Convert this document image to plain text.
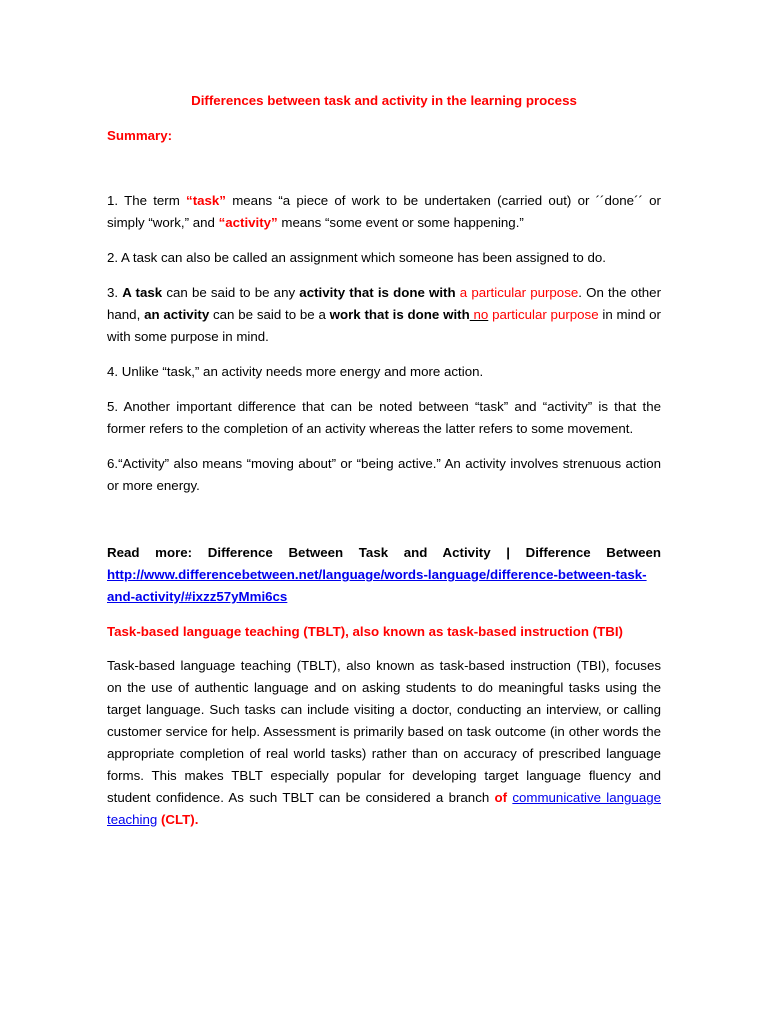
Differences between task and activity in the learning process
Summary:

1. The term “task” means “a piece of work to be undertaken (carried out) or ´´done´´ or simply “work,” and “activity” means “some event or some happening.”

2. A task can also be called an assignment which someone has been assigned to do.

3. A task can be said to be any activity that is done with a particular purpose. On the other hand, an activity can be said to be a work that is done with no particular purpose in mind or with some purpose in mind.

4. Unlike “task,” an activity needs more energy and more action.

5. Another important difference that can be noted between “task” and “activity” is that the former refers to the completion of an activity whereas the latter refers to some movement.

6.“Activity” also means “moving about” or “being active.” An activity involves strenuous action or more energy.

Read more: Difference Between Task and Activity | Difference Between http://www.differencebetween.net/language/words-language/difference-between-task-and-activity/#ixzz57yMmi6cs

Task-based language teaching (TBLT), also known as task-based instruction (TBI)

Task-based language teaching (TBLT), also known as task-based instruction (TBI), focuses on the use of authentic language and on asking students to do meaningful tasks using the target language. Such tasks can include visiting a doctor, conducting an interview, or calling customer service for help. Assessment is primarily based on task outcome (in other words the appropriate completion of real world tasks) rather than on accuracy of prescribed language forms. This makes TBLT especially popular for developing target language fluency and student confidence. As such TBLT can be considered a branch of communicative language teaching (CLT).
